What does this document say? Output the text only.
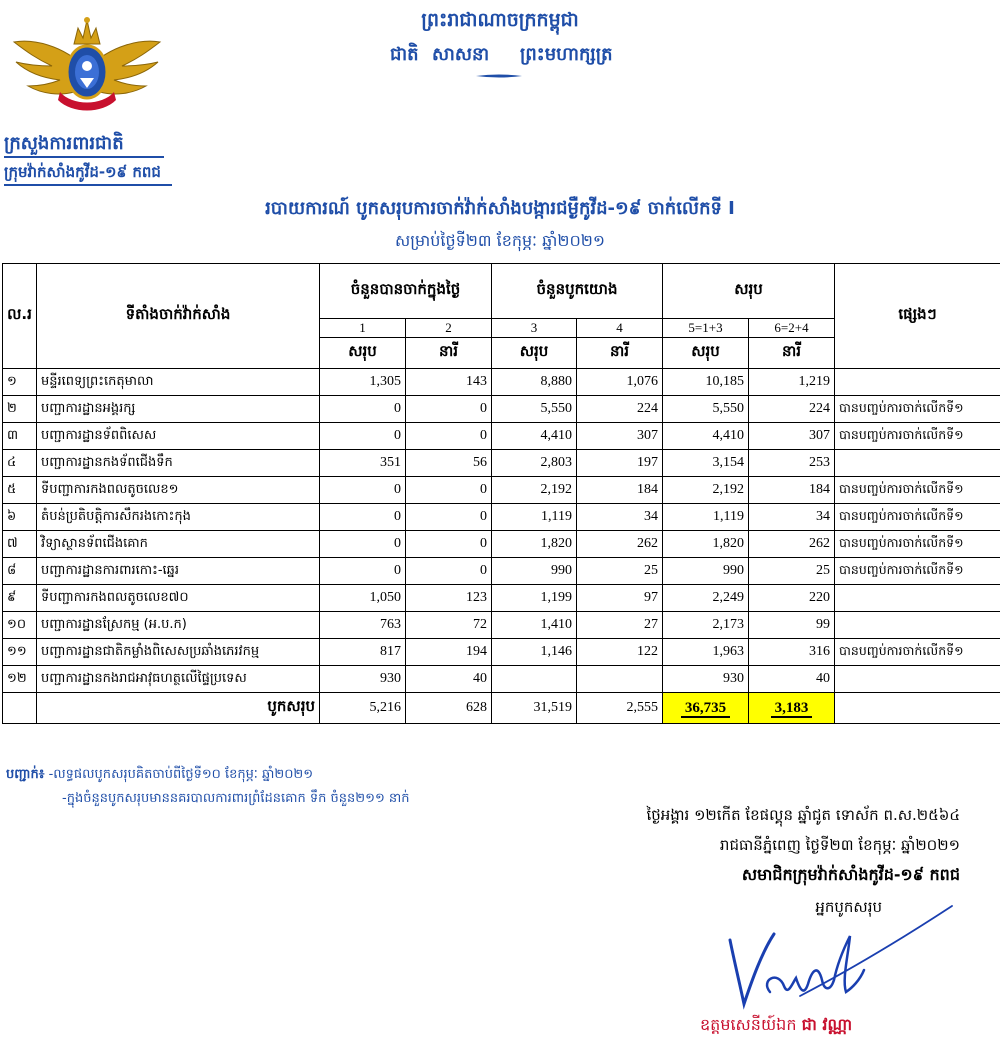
ព្រះរាជាណាចក្រកម្ពុជា
ជាតិ សាសនា ព្រះមហាក្សត្រ
ក្រសួងការពារជាតិ
ក្រុមវ៉ាក់សាំងកូវីដ-១៩ កពជ
របាយការណ៍ បូកសរុបការចាក់វ៉ាក់សាំងបង្ការជម្ងឺកូវីដ-១៩ ចាក់លើកទី I
សម្រាប់ថ្ងៃទី២៣ ខែកុម្ភៈ ឆ្នាំ២០២១
ល.រ	ទីតាំងចាក់វ៉ាក់សាំង	ចំនួនបានចាក់ក្នុងថ្ងៃ		ចំនួនបូកយោង		សរុប		ផ្សេងៗ
		1	2	3	4	5=1+3	6=2+4	
		សរុប	នារី	សរុប	នារី	សរុប	នារី	
១	មន្ទីរពេទ្យព្រះកេតុមាលា	1,305	143	8,880	1,076	10,185	1,219	
២	បញ្ជាការដ្ឋានអង្គរក្ស	0	0	5,550	224	5,550	224	បានបញ្ចប់ការចាក់លើកទី១
៣	បញ្ជាការដ្ឋានទ័ពពិសេស	0	0	4,410	307	4,410	307	បានបញ្ចប់ការចាក់លើកទី១
៤	បញ្ជាការដ្ឋានកងទ័ពជើងទឹក	351	56	2,803	197	3,154	253	
៥	ទីបញ្ជាការកងពលតូចលេខ១	0	0	2,192	184	2,192	184	បានបញ្ចប់ការចាក់លើកទី១
៦	តំបន់ប្រតិបត្តិការសឹករងកោះកុង	0	0	1,119	34	1,119	34	បានបញ្ចប់ការចាក់លើកទី១
៧	វិទ្យាស្ថានទ័ពជើងគោក	0	0	1,820	262	1,820	262	បានបញ្ចប់ការចាក់លើកទី១
៨	បញ្ជាការដ្ឋានការពារកោះ-ឆ្នេរ	0	0	990	25	990	25	បានបញ្ចប់ការចាក់លើកទី១
៩	ទីបញ្ជាការកងពលតូចលេខ៧០	1,050	123	1,199	97	2,249	220	
១០	បញ្ជាការដ្ឋានស្រែកម្ម (អ.ប.ក)	763	72	1,410	27	2,173	99	
១១	បញ្ជាការដ្ឋានជាតិកម្លាំងពិសេសប្រឆាំងភេរវកម្ម	817	194	1,146	122	1,963	316	បានបញ្ចប់ការចាក់លើកទី១
១២	បញ្ជាការដ្ឋានកងរាជអាវុធហត្ថលើផ្ទៃប្រទេស	930	40			930	40	
	បូកសរុប	5,216	628	31,519	2,555	36,735	3,183	
បញ្ជាក់៖ -លទ្ធផលបូកសរុបគិតចាប់ពីថ្ងៃទី១០ ខែកុម្ភៈ ឆ្នាំ២០២១
-ក្នុងចំនួនបូកសរុបមាននគរបាលការពារព្រំដែនគោក ទឹក ចំនួន២១១ នាក់
ថ្ងៃអង្គារ ១២កើត ខែផល្គុន ឆ្នាំជូត ទោស័ក ព.ស.២៥៦៤
រាជធានីភ្នំពេញ ថ្ងៃទី២៣ ខែកុម្ភៈ ឆ្នាំ២០២១
សមាជិកក្រុមវ៉ាក់សាំងកូវីដ-១៩ កពជ
អ្នកបូកសរុប
ឧត្តមសេនីយ៍ឯក ជា វណ្ណា
